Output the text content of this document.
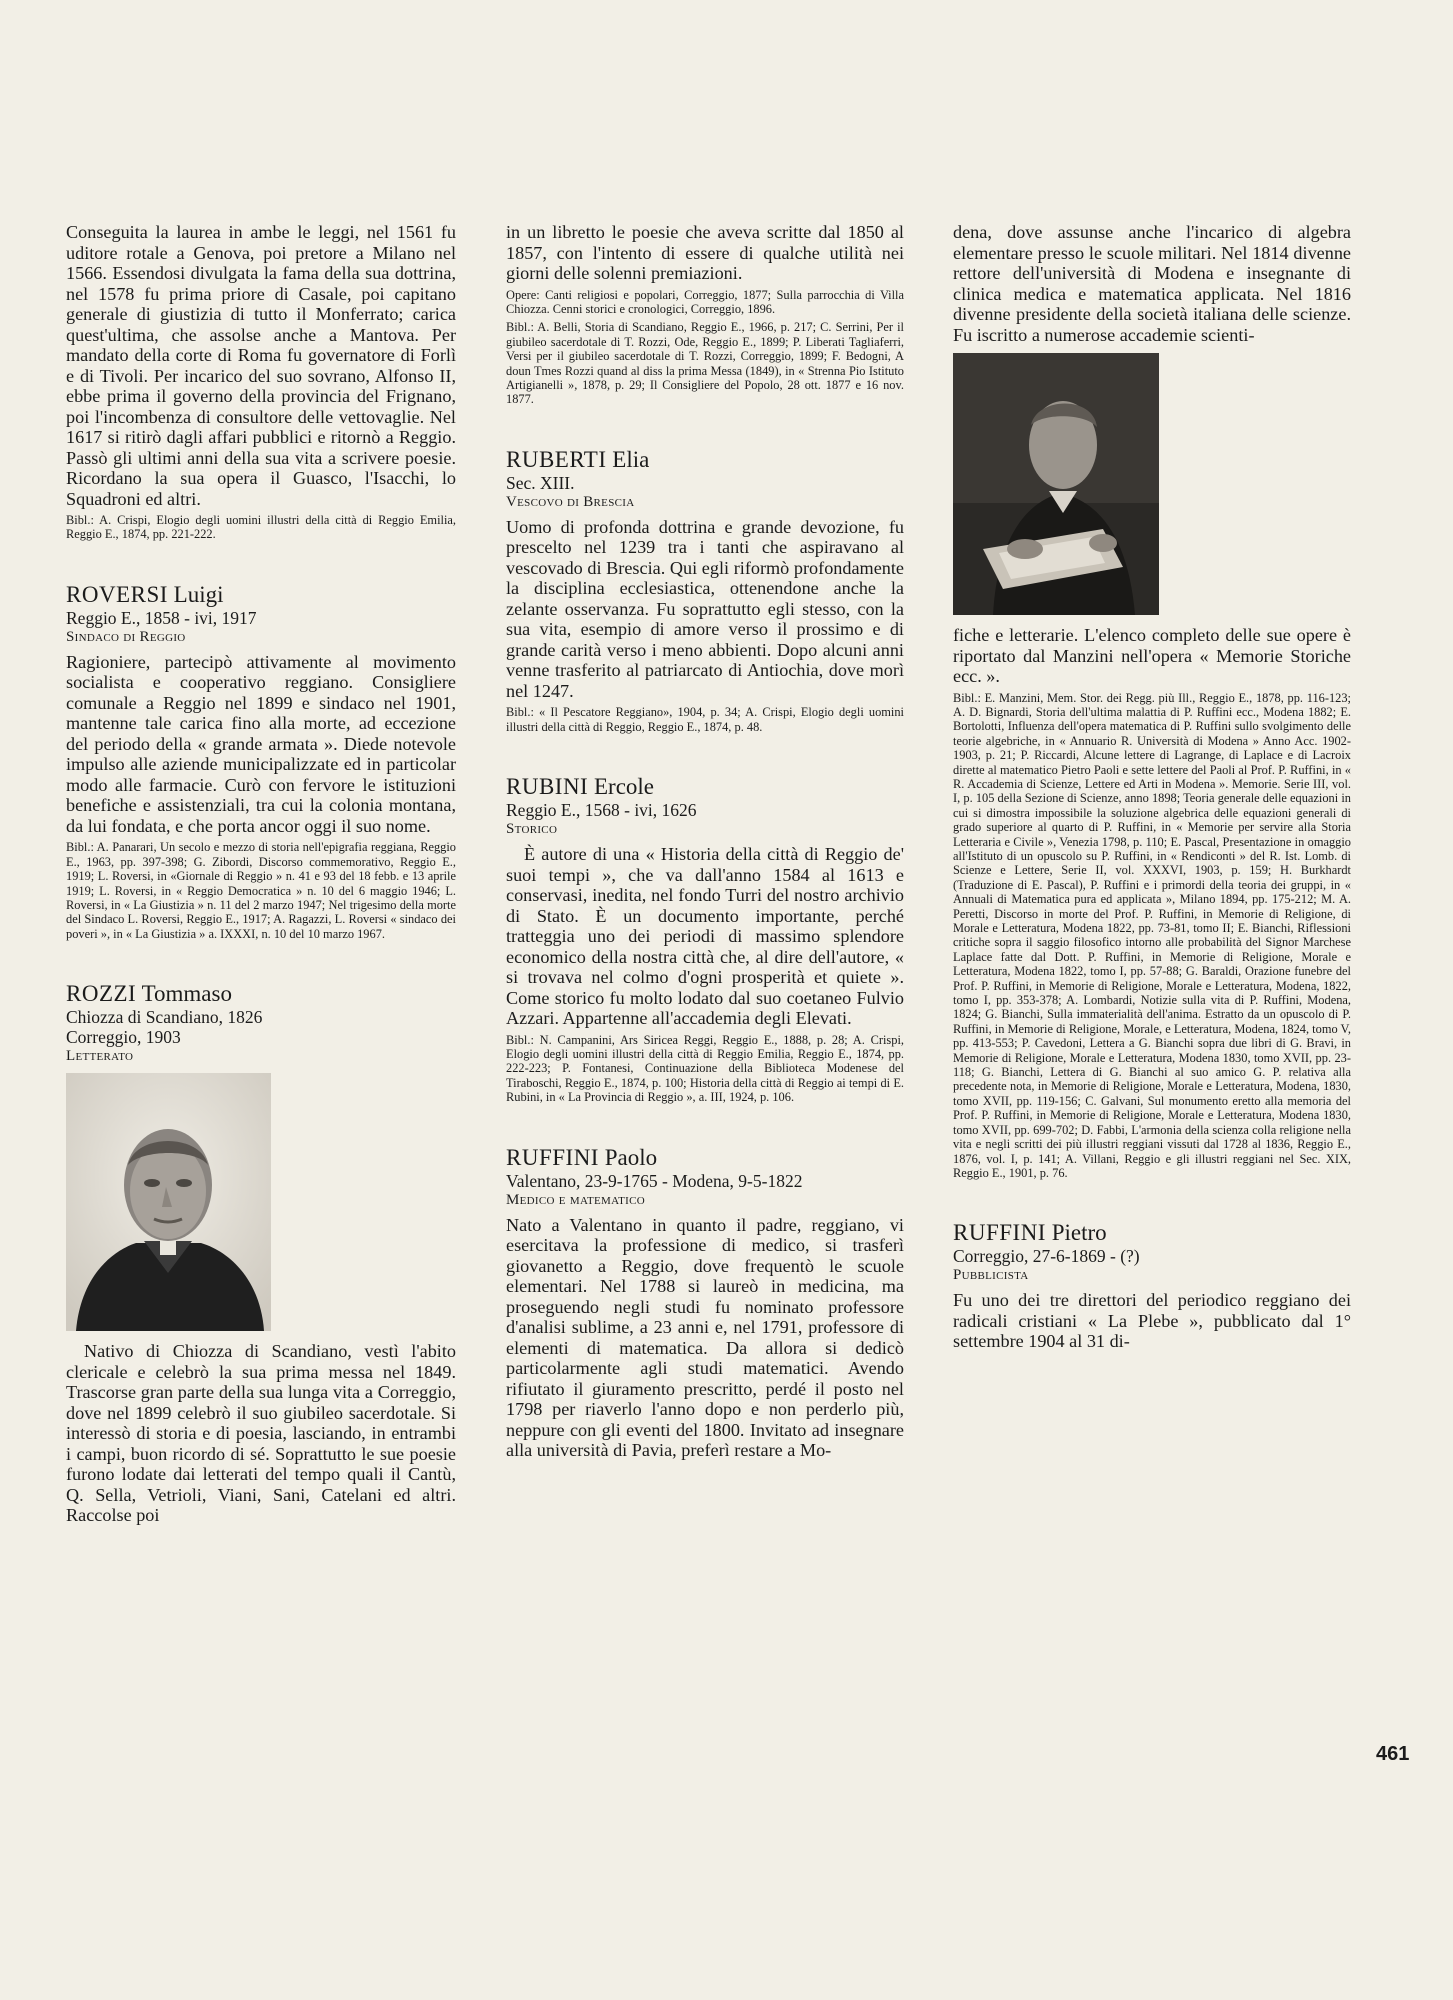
Conseguita la laurea in ambe le leggi, nel 1561 fu uditore rotale a Genova, poi pretore a Milano nel 1566. Essendosi divulgata la fama della sua dottrina, nel 1578 fu prima priore di Casale, poi capitano generale di giustizia di tutto il Monferrato; carica quest'ultima, che assolse anche a Mantova. Per mandato della corte di Roma fu governatore di Forlì e di Tivoli. Per incarico del suo sovrano, Alfonso II, ebbe prima il governo della provincia del Frignano, poi l'incombenza di consultore delle vettovaglie. Nel 1617 si ritirò dagli affari pubblici e ritornò a Reggio. Passò gli ultimi anni della sua vita a scrivere poesie. Ricordano la sua opera il Guasco, l'Isacchi, lo Squadroni ed altri.

Bibl.: A. Crispi, Elogio degli uomini illustri della città di Reggio Emilia, Reggio E., 1874, pp. 221-222.

ROVERSI Luigi

Reggio E., 1858 - ivi, 1917

Sindaco di Reggio

Ragioniere, partecipò attivamente al movimento socialista e cooperativo reggiano. Consigliere comunale a Reggio nel 1899 e sindaco nel 1901, mantenne tale carica fino alla morte, ad eccezione del periodo della « grande armata ». Diede notevole impulso alle aziende municipalizzate ed in particolar modo alle farmacie. Curò con fervore le istituzioni benefiche e assistenziali, tra cui la colonia montana, da lui fondata, e che porta ancor oggi il suo nome.

Bibl.: A. Panarari, Un secolo e mezzo di storia nell'epigrafia reggiana, Reggio E., 1963, pp. 397-398; G. Zibordi, Discorso commemorativo, Reggio E., 1919; L. Roversi, in «Giornale di Reggio » n. 41 e 93 del 18 febb. e 13 aprile 1919; L. Roversi, in « Reggio Democratica » n. 10 del 6 maggio 1946; L. Roversi, in « La Giustizia » n. 11 del 2 marzo 1947; Nel trigesimo della morte del Sindaco L. Roversi, Reggio E., 1917; A. Ragazzi, L. Roversi « sindaco dei poveri », in « La Giustizia » a. IXXXI, n. 10 del 10 marzo 1967.

ROZZI Tommaso

Chiozza di Scandiano, 1826

Correggio, 1903

Letterato

Nativo di Chiozza di Scandiano, vestì l'abito clericale e celebrò la sua prima messa nel 1849. Trascorse gran parte della sua lunga vita a Correggio, dove nel 1899 celebrò il suo giubileo sacerdotale. Si interessò di storia e di poesia, lasciando, in entrambi i campi, buon ricordo di sé. Soprattutto le sue poesie furono lodate dai letterati del tempo quali il Cantù, Q. Sella, Vetrioli, Viani, Sani, Catelani ed altri. Raccolse poi

in un libretto le poesie che aveva scritte dal 1850 al 1857, con l'intento di essere di qualche utilità nei giorni delle solenni premiazioni.

Opere: Canti religiosi e popolari, Correggio, 1877; Sulla parrocchia di Villa Chiozza. Cenni storici e cronologici, Correggio, 1896.

Bibl.: A. Belli, Storia di Scandiano, Reggio E., 1966, p. 217; C. Serrini, Per il giubileo sacerdotale di T. Rozzi, Ode, Reggio E., 1899; P. Liberati Tagliaferri, Versi per il giubileo sacerdotale di T. Rozzi, Correggio, 1899; F. Bedogni, A doun Tmes Rozzi quand al diss la prima Messa (1849), in « Strenna Pio Istituto Artigianelli », 1878, p. 29; Il Consigliere del Popolo, 28 ott. 1877 e 16 nov. 1877.

RUBERTI Elia

Sec. XIII.

Vescovo di Brescia

Uomo di profonda dottrina e grande devozione, fu prescelto nel 1239 tra i tanti che aspiravano al vescovado di Brescia. Qui egli riformò profondamente la disciplina ecclesiastica, ottenendone anche la zelante osservanza. Fu soprattutto egli stesso, con la sua vita, esempio di amore verso il prossimo e di grande carità verso i meno abbienti. Dopo alcuni anni venne trasferito al patriarcato di Antiochia, dove morì nel 1247.

Bibl.: « Il Pescatore Reggiano», 1904, p. 34; A. Crispi, Elogio degli uomini illustri della città di Reggio, Reggio E., 1874, p. 48.

RUBINI Ercole

Reggio E., 1568 - ivi, 1626

Storico

È autore di una « Historia della città di Reggio de' suoi tempi », che va dall'anno 1584 al 1613 e conservasi, inedita, nel fondo Turri del nostro archivio di Stato. È un documento importante, perché tratteggia uno dei periodi di massimo splendore economico della nostra città che, al dire dell'autore, « si trovava nel colmo d'ogni prosperità et quiete ». Come storico fu molto lodato dal suo coetaneo Fulvio Azzari. Appartenne all'accademia degli Elevati.

Bibl.: N. Campanini, Ars Siricea Reggi, Reggio E., 1888, p. 28; A. Crispi, Elogio degli uomini illustri della città di Reggio Emilia, Reggio E., 1874, pp. 222-223; P. Fontanesi, Continuazione della Biblioteca Modenese del Tiraboschi, Reggio E., 1874, p. 100; Historia della città di Reggio ai tempi di E. Rubini, in « La Provincia di Reggio », a. III, 1924, p. 106.

RUFFINI Paolo

Valentano, 23-9-1765 - Modena, 9-5-1822

Medico e matematico

Nato a Valentano in quanto il padre, reggiano, vi esercitava la professione di medico, si trasferì giovanetto a Reggio, dove frequentò le scuole elementari. Nel 1788 si laureò in medicina, ma proseguendo negli studi fu nominato professore d'analisi sublime, a 23 anni e, nel 1791, professore di elementi di matematica. Da allora si dedicò particolarmente agli studi matematici. Avendo rifiutato il giuramento prescritto, perdé il posto nel 1798 per riaverlo l'anno dopo e non perderlo più, neppure con gli eventi del 1800. Invitato ad insegnare alla università di Pavia, preferì restare a Mo-

dena, dove assunse anche l'incarico di algebra elementare presso le scuole militari. Nel 1814 divenne rettore dell'università di Modena e insegnante di clinica medica e matematica applicata. Nel 1816 divenne presidente della società italiana delle scienze. Fu iscritto a numerose accademie scienti-

fiche e letterarie. L'elenco completo delle sue opere è riportato dal Manzini nell'opera « Memorie Storiche ecc. ».

Bibl.: E. Manzini, Mem. Stor. dei Regg. più Ill., Reggio E., 1878, pp. 116-123; A. D. Bignardi, Storia dell'ultima malattia di P. Ruffini ecc., Modena 1882; E. Bortolotti, Influenza dell'opera matematica di P. Ruffini sullo svolgimento delle teorie algebriche, in « Annuario R. Università di Modena » Anno Acc. 1902-1903, p. 21; P. Riccardi, Alcune lettere di Lagrange, di Laplace e di Lacroix dirette al matematico Pietro Paoli e sette lettere del Paoli al Prof. P. Ruffini, in « R. Accademia di Scienze, Lettere ed Arti in Modena ». Memorie. Serie III, vol. I, p. 105 della Sezione di Scienze, anno 1898; Teoria generale delle equazioni in cui si dimostra impossibile la soluzione algebrica delle equazioni generali di grado superiore al quarto di P. Ruffini, in « Memorie per servire alla Storia Letteraria e Civile », Venezia 1798, p. 110; E. Pascal, Presentazione in omaggio all'Istituto di un opuscolo su P. Ruffini, in « Rendiconti » del R. Ist. Lomb. di Scienze e Lettere, Serie II, vol. XXXVI, 1903, p. 159; H. Burkhardt (Traduzione di E. Pascal), P. Ruffini e i primordi della teoria dei gruppi, in « Annuali di Matematica pura ed applicata », Milano 1894, pp. 175-212; M. A. Peretti, Discorso in morte del Prof. P. Ruffini, in Memorie di Religione, di Morale e Letteratura, Modena 1822, pp. 73-81, tomo II; E. Bianchi, Riflessioni critiche sopra il saggio filosofico intorno alle probabilità del Signor Marchese Laplace fatte dal Dott. P. Ruffini, in Memorie di Religione, Morale e Letteratura, Modena 1822, tomo I, pp. 57-88; G. Baraldi, Orazione funebre del Prof. P. Ruffini, in Memorie di Religione, Morale e Letteratura, Modena, 1822, tomo I, pp. 353-378; A. Lombardi, Notizie sulla vita di P. Ruffini, Modena, 1824; G. Bianchi, Sulla immaterialità dell'anima. Estratto da un opuscolo di P. Ruffini, in Memorie di Religione, Morale, e Letteratura, Modena, 1824, tomo V, pp. 413-553; P. Cavedoni, Lettera a G. Bianchi sopra due libri di G. Bravi, in Memorie di Religione, Morale e Letteratura, Modena 1830, tomo XVII, pp. 23-118; G. Bianchi, Lettera di G. Bianchi al suo amico G. P. relativa alla precedente nota, in Memorie di Religione, Morale e Letteratura, Modena, 1830, tomo XVII, pp. 119-156; C. Galvani, Sul monumento eretto alla memoria del Prof. P. Ruffini, in Memorie di Religione, Morale e Letteratura, Modena 1830, tomo XVII, pp. 699-702; D. Fabbi, L'armonia della scienza colla religione nella vita e negli scritti dei più illustri reggiani vissuti dal 1728 al 1836, Reggio E., 1876, vol. I, p. 141; A. Villani, Reggio e gli illustri reggiani nel Sec. XIX, Reggio E., 1901, p. 76.

RUFFINI Pietro

Correggio, 27-6-1869 - (?)

Pubblicista

Fu uno dei tre direttori del periodico reggiano dei radicali cristiani « La Plebe », pubblicato dal 1° settembre 1904 al 31 di-

461
